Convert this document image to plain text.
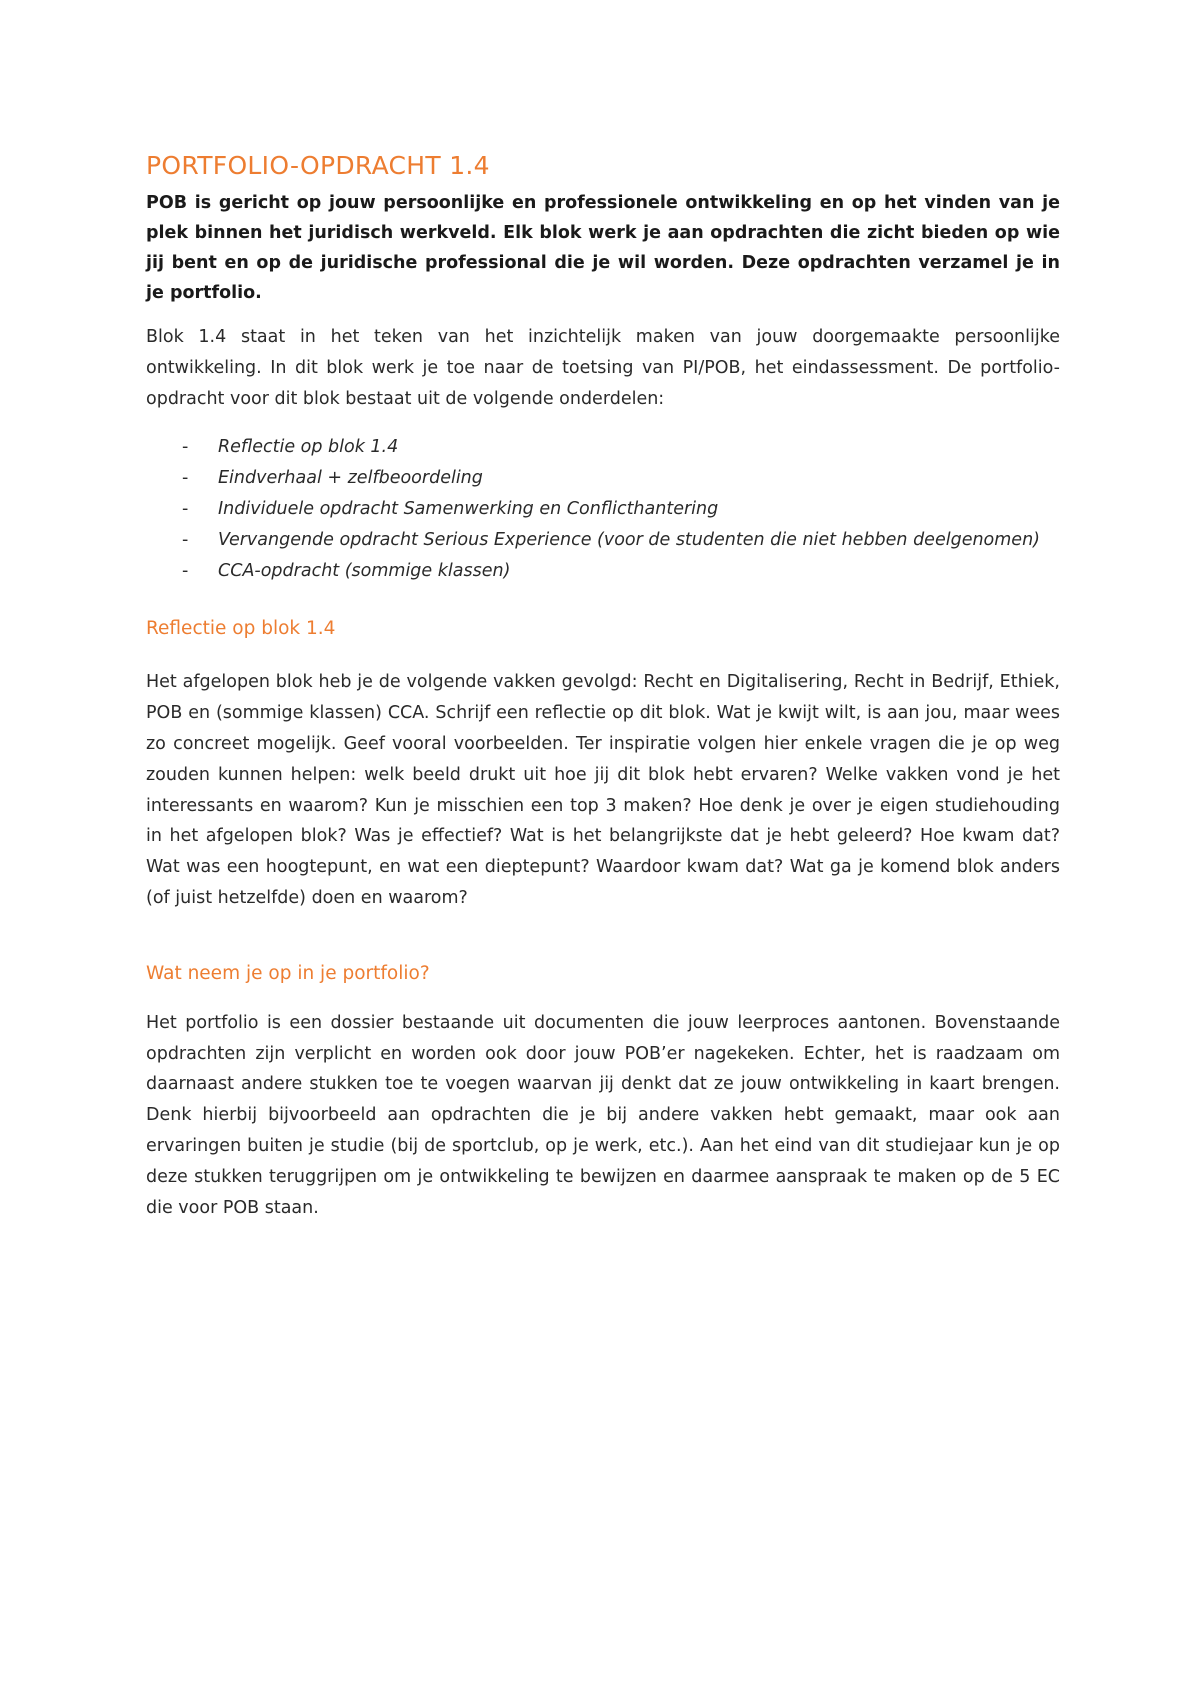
PORTFOLIO-OPDRACHT 1.4

POB is gericht op jouw persoonlijke en professionele ontwikkeling en op het vinden van je plek binnen het juridisch werkveld. Elk blok werk je aan opdrachten die zicht bieden op wie jij bent en op de juridische professional die je wil worden. Deze opdrachten verzamel je in je portfolio.

Blok 1.4 staat in het teken van het inzichtelijk maken van jouw doorgemaakte persoonlijke ontwikkeling. In dit blok werk je toe naar de toetsing van PI/POB, het eindassessment. De portfolio-opdracht voor dit blok bestaat uit de volgende onderdelen:

- Reflectie op blok 1.4
- Eindverhaal + zelfbeoordeling
- Individuele opdracht Samenwerking en Conflicthantering
- Vervangende opdracht Serious Experience (voor de studenten die niet hebben deelgenomen)
- CCA-opdracht (sommige klassen)
Reflectie op blok 1.4

Het afgelopen blok heb je de volgende vakken gevolgd: Recht en Digitalisering, Recht in Bedrijf, Ethiek, POB en (sommige klassen) CCA. Schrijf een reflectie op dit blok. Wat je kwijt wilt, is aan jou, maar wees zo concreet mogelijk. Geef vooral voorbeelden. Ter inspiratie volgen hier enkele vragen die je op weg zouden kunnen helpen: welk beeld drukt uit hoe jij dit blok hebt ervaren? Welke vakken vond je het interessants en waarom? Kun je misschien een top 3 maken? Hoe denk je over je eigen studiehouding in het afgelopen blok? Was je effectief? Wat is het belangrijkste dat je hebt geleerd? Hoe kwam dat? Wat was een hoogtepunt, en wat een dieptepunt? Waardoor kwam dat? Wat ga je komend blok anders (of juist hetzelfde) doen en waarom?

Wat neem je op in je portfolio?

Het portfolio is een dossier bestaande uit documenten die jouw leerproces aantonen. Bovenstaande opdrachten zijn verplicht en worden ook door jouw POB’er nagekeken. Echter, het is raadzaam om daarnaast andere stukken toe te voegen waarvan jij denkt dat ze jouw ontwikkeling in kaart brengen. Denk hierbij bijvoorbeeld aan opdrachten die je bij andere vakken hebt gemaakt, maar ook aan ervaringen buiten je studie (bij de sportclub, op je werk, etc.). Aan het eind van dit studiejaar kun je op deze stukken teruggrijpen om je ontwikkeling te bewijzen en daarmee aanspraak te maken op de 5 EC die voor POB staan.
